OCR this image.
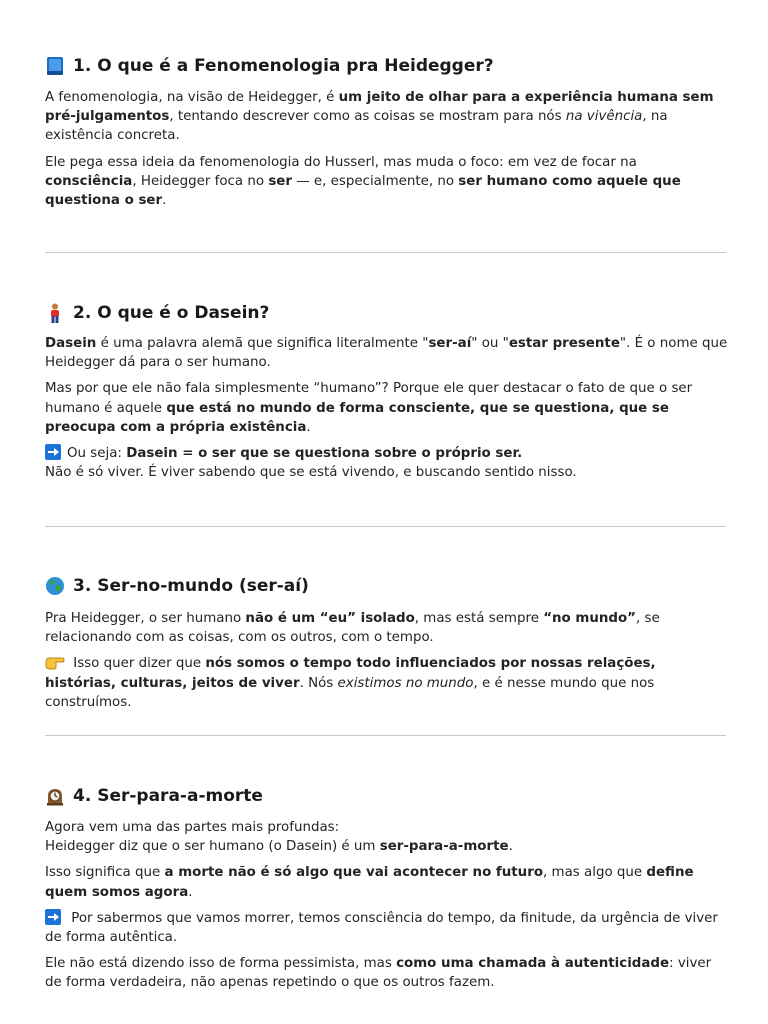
1. O que é a Fenomenologia pra Heidegger?

A fenomenologia, na visão de Heidegger, é um jeito de olhar para a experiência humana sem pré-julgamentos, tentando descrever como as coisas se mostram para nós na vivência, na existência concreta.

Ele pega essa ideia da fenomenologia do Husserl, mas muda o foco: em vez de focar na consciência, Heidegger foca no ser — e, especialmente, no ser humano como aquele que questiona o ser.

2. O que é o Dasein?

Dasein é uma palavra alemã que significa literalmente "ser-aí" ou "estar presente". É o nome que Heidegger dá para o ser humano.

Mas por que ele não fala simplesmente “humano”? Porque ele quer destacar o fato de que o ser humano é aquele que está no mundo de forma consciente, que se questiona, que se preocupa com a própria existência.

Ou seja: Dasein = o ser que se questiona sobre o próprio ser.
Não é só viver. É viver sabendo que se está vivendo, e buscando sentido nisso.

3. Ser-no-mundo (ser-aí)

Pra Heidegger, o ser humano não é um “eu” isolado, mas está sempre “no mundo”, se relacionando com as coisas, com os outros, com o tempo.

Isso quer dizer que nós somos o tempo todo influenciados por nossas relações, histórias, culturas, jeitos de viver. Nós existimos no mundo, e é nesse mundo que nos construímos.

4. Ser-para-a-morte

Agora vem uma das partes mais profundas:
Heidegger diz que o ser humano (o Dasein) é um ser-para-a-morte.

Isso significa que a morte não é só algo que vai acontecer no futuro, mas algo que define quem somos agora.

Por sabermos que vamos morrer, temos consciência do tempo, da finitude, da urgência de viver de forma autêntica.

Ele não está dizendo isso de forma pessimista, mas como uma chamada à autenticidade: viver de forma verdadeira, não apenas repetindo o que os outros fazem.
